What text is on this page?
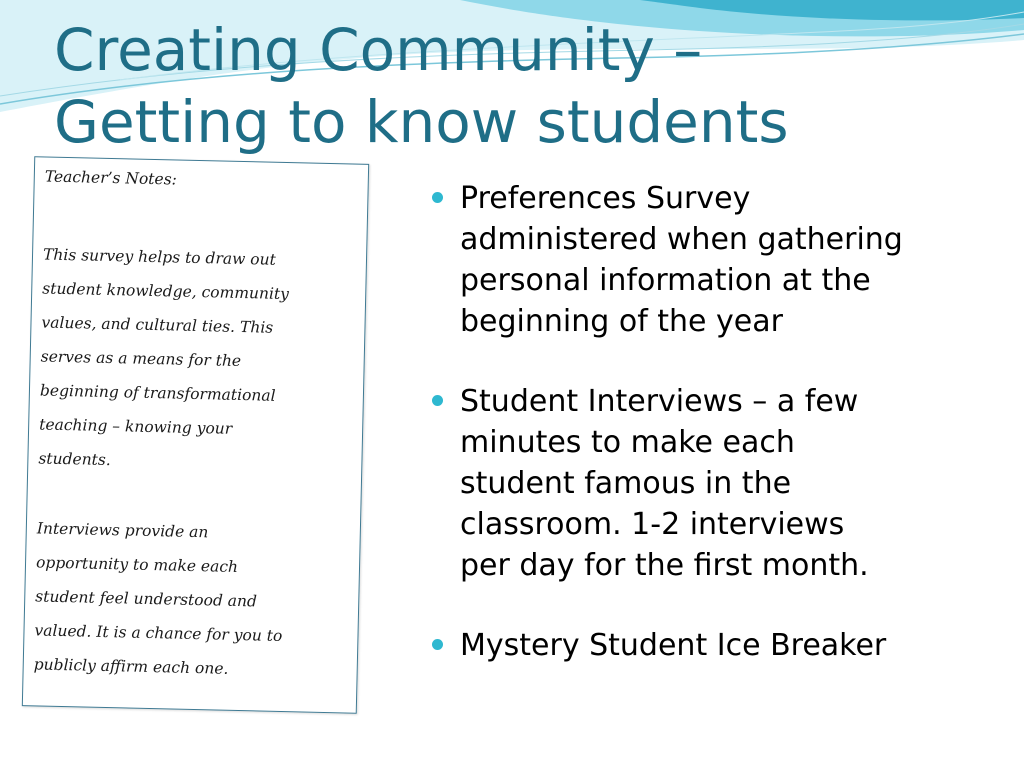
Creating Community –
Getting to know students
Teacher’s Notes:
This survey helps to draw out
student knowledge, community
values, and cultural ties. This
serves as a means for the
beginning of transformational
teaching – knowing your
students.
Interviews provide an
opportunity to make each
student feel understood and
valued. It is a chance for you to
publicly affirm each one.
Preferences Survey
administered when gathering
personal information at the
beginning of the year
Student Interviews – a few
minutes to make each
student famous in the
classroom. 1-2 interviews
per day for the first month.
Mystery Student Ice Breaker
